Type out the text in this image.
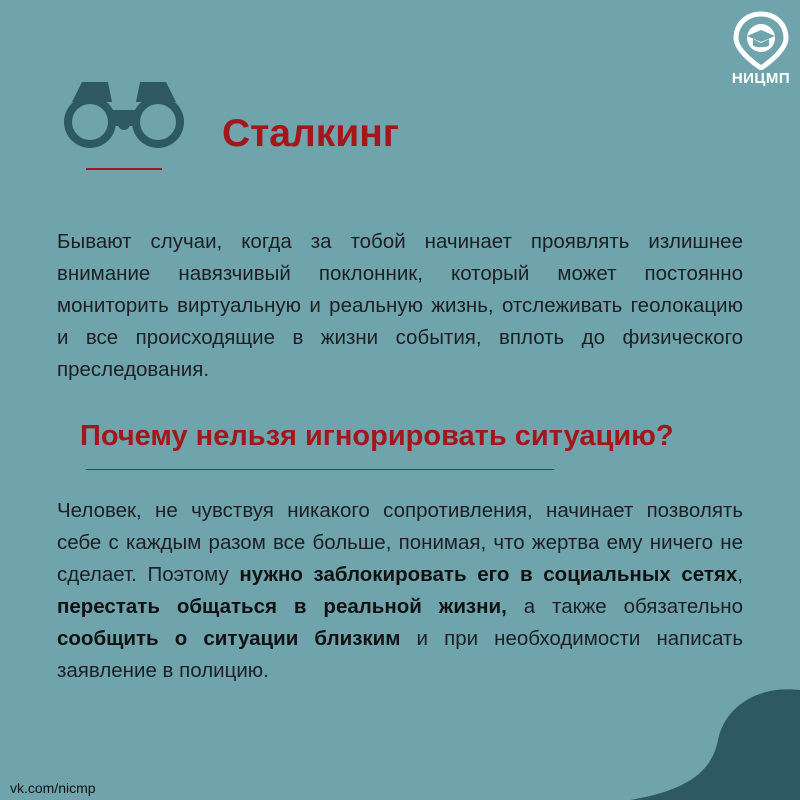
НИЦМП
Сталкинг

Бывают случаи, когда за тобой начинает проявлять излишнее внимание навязчивый поклонник, который может постоянно мониторить виртуальную и реальную жизнь, отслеживать геолокацию и все происходящие в жизни события, вплоть до физического преследования.

Почему нельзя игнорировать ситуацию?

Человек, не чувствуя никакого сопротивления, начинает позволять себе с каждым разом все больше, понимая, что жертва ему ничего не сделает. Поэтому нужно заблокировать его в социальных сетях, перестать общаться в реальной жизни, а также обязательно сообщить о ситуации близким и при необходимости написать заявление в полицию.

vk.com/nicmp
